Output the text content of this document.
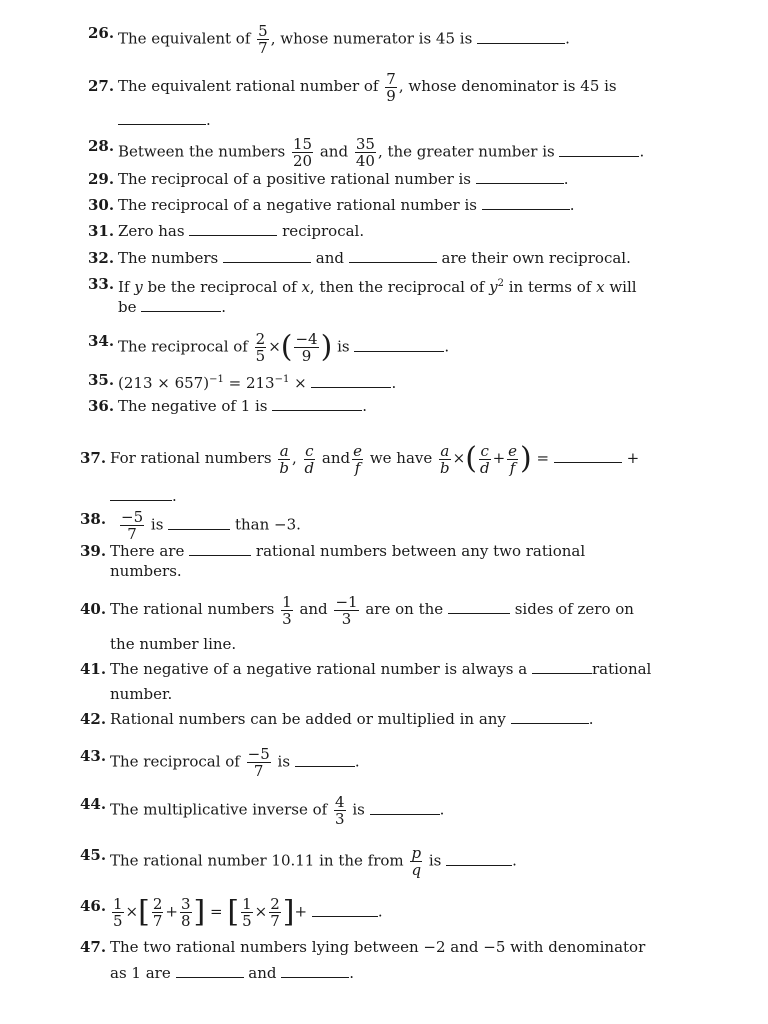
26. The equivalent of $\frac{5}{7}$ , whose numerator is 45 is	.
27. The equivalent rational number of $\frac{7}{9}$ , whose denominator is 45 is
.
28. Between the numbers $\frac{15}{20}$ and $\frac{35}{40}$ , the greater number is	.
29. The reciprocal of a positive rational number is	.
30. The reciprocal of a negative rational number is	.
31. Zero has	reciprocal.
32. The numbers	and	are their own reciprocal.
33. If y be the reciprocal of x, then the reciprocal of $y^2$ in terms of x will
be	.
34. The reciprocal of $\frac{2}{5}$ ×( $\frac{-4}{9}$ ) is	.
35. $(213 \times 657)^{-1} = 213^{-1}$ ×	.
36. The negative of 1 is	.
37. For rational numbers $\frac{a}{b}$ , $\frac{c}{d}$ and $\frac{e}{f}$ we have $\frac{a}{b}$ ×( $\frac{c}{d} + \frac{e}{f}$ ) =	+
.
38. $\frac{-5}{7}$ is	than −3.
39. There are	rational numbers between any two rational
numbers.
40. The rational numbers $\frac{1}{3}$ and $\frac{-1}{3}$ are on the	sides of zero on
the number line.
41. The negative of a negative rational number is always a	rational
number.
42. Rational numbers can be added or multiplied in any	.
43. The reciprocal of $\frac{-5}{7}$ is	.
44. The multiplicative inverse of $\frac{4}{3}$ is	.
45. The rational number 10.11 in the from $\frac{p}{q}$ is	.
46. $\frac{1}{5}$ ×[ $\frac{2}{7} + \frac{3}{8}$ ] = [ $\frac{1}{5} \times \frac{2}{7}$ ]+	.
47. The two rational numbers lying between −2 and −5 with denominator
as 1 are	and	.
